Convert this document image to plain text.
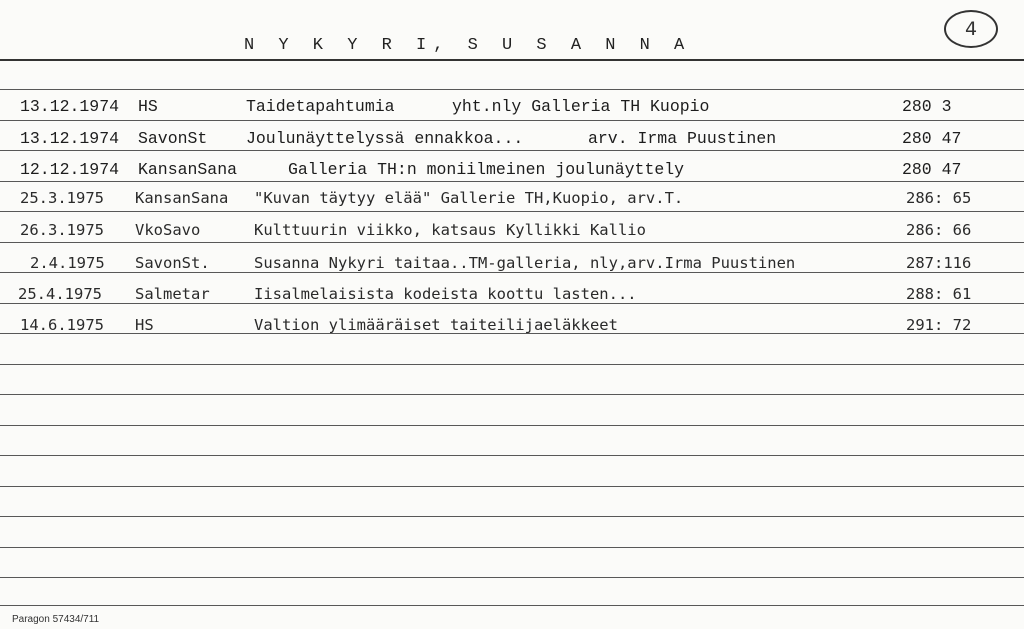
N Y K Y R I, S U S A N N A
4
13.12.1974 HS	Taidetapahtumia	yht.nly Galleria TH Kuopio	280 3
13.12.1974 SavonSt Joulunäyttelyssä ennakkoa...	arv. Irma Puustinen	280 47
12.12.1974 KansanSana	Galleria TH:n moniilmeinen joulunäyttely	280 47
25.3.1975 KansanSana "Kuvan täytyy elää" Gallerie TH,Kuopio, arv.T.	286: 65
26.3.1975 VkoSavo	Kulttuurin viikko, katsaus Kyllikki Kallio	286: 66
2.4.1975 SavonSt.	Susanna Nykyri taitaa..TM-galleria, nly,arv.Irma Puustinen	287:116
25.4.1975 Salmetar	Iisalmelaisista kodeista koottu lasten...	288: 61
14.6.1975 HS	Valtion ylimääräiset taiteilijaeläkkeet	291: 72
Paragon 57434/711
